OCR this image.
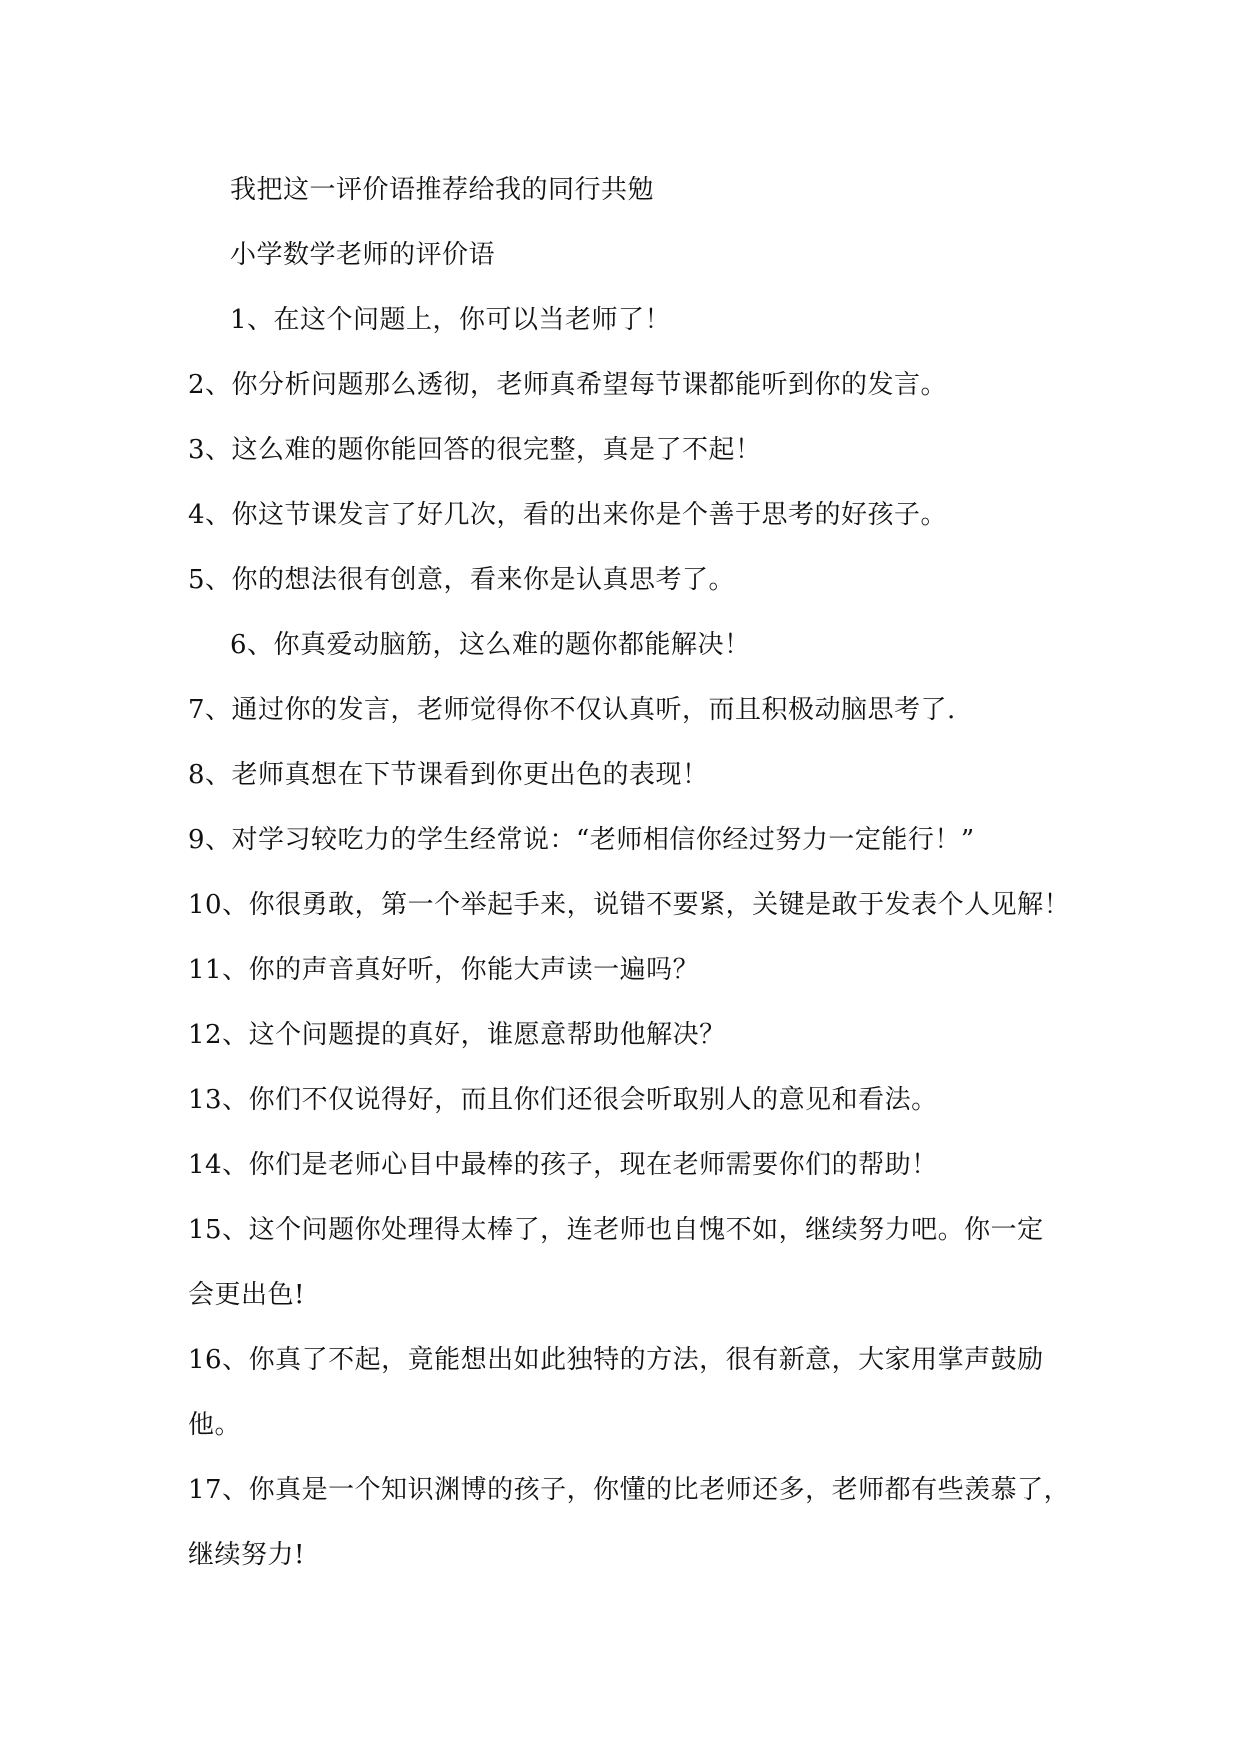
我把这一评价语推荐给我的同行共勉
小学数学老师的评价语
1、在这个问题上，你可以当老师了！
2、你分析问题那么透彻，老师真希望每节课都能听到你的发言。
3、这么难的题你能回答的很完整，真是了不起！
4、你这节课发言了好几次，看的出来你是个善于思考的好孩子。
5、你的想法很有创意，看来你是认真思考了。
6、你真爱动脑筋，这么难的题你都能解决！
7、通过你的发言，老师觉得你不仅认真听，而且积极动脑思考了.
8、老师真想在下节课看到你更出色的表现！
9、对学习较吃力的学生经常说：“老师相信你经过努力一定能行！”
10、你很勇敢，第一个举起手来，说错不要紧，关键是敢于发表个人见解！
11、你的声音真好听，你能大声读一遍吗？
12、这个问题提的真好，谁愿意帮助他解决？
13、你们不仅说得好，而且你们还很会听取别人的意见和看法。
14、你们是老师心目中最棒的孩子，现在老师需要你们的帮助！
15、这个问题你处理得太棒了，连老师也自愧不如，继续努力吧。你一定
会更出色!
16、你真了不起，竟能想出如此独特的方法，很有新意，大家用掌声鼓励
他。
17、你真是一个知识渊博的孩子，你懂的比老师还多，老师都有些羡慕了，
继续努力!
